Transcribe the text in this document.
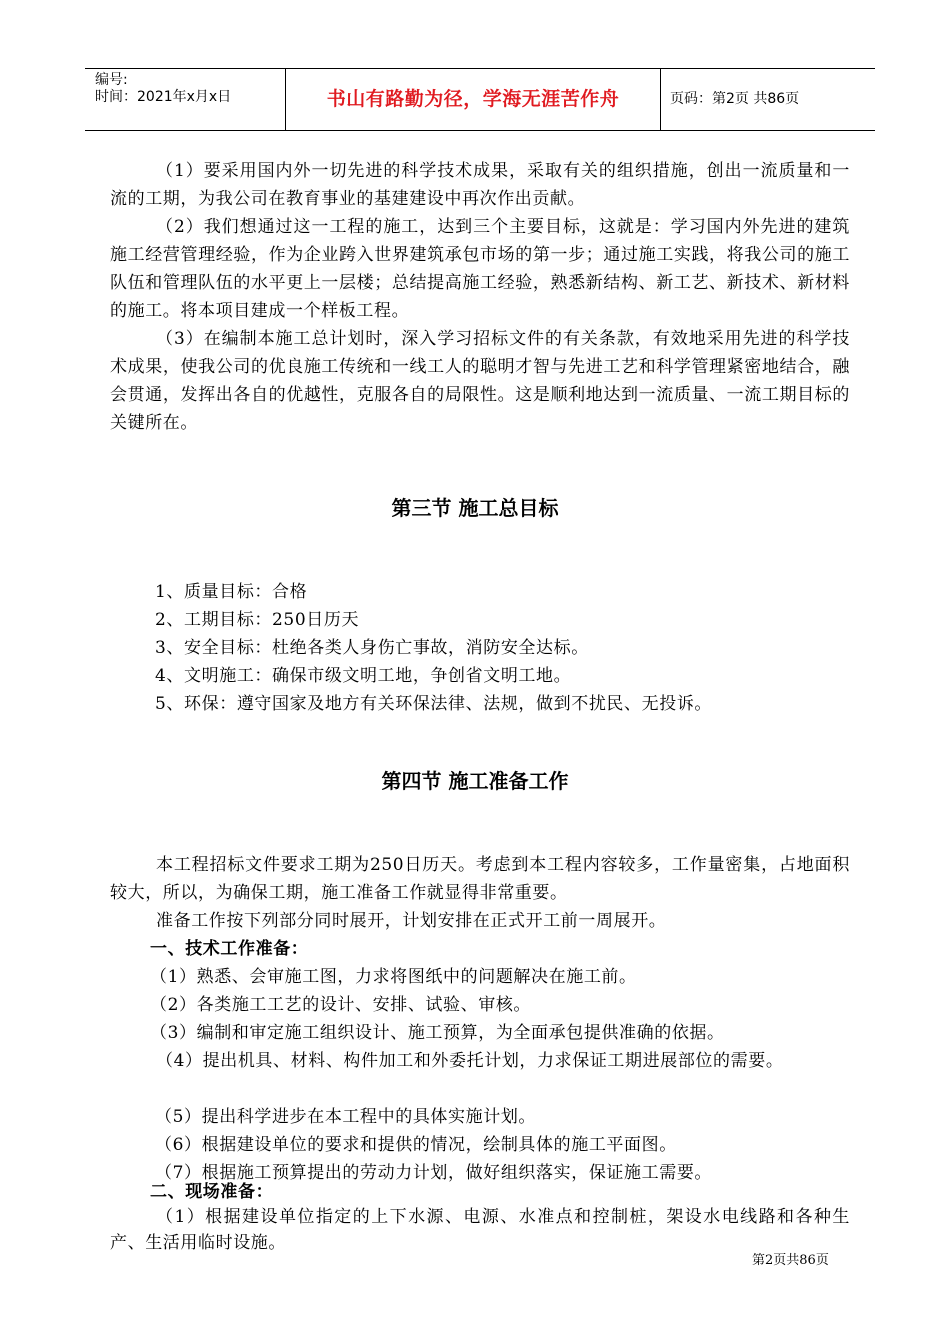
编号:
时间：2021年x月x日	书山有路勤为径，学海无涯苦作舟	页码：第2页 共86页

（1）要采用国内外一切先进的科学技术成果，采取有关的组织措施，创出一流质量和一流的工期，为我公司在教育事业的基建建设中再次作出贡献。

（2）我们想通过这一工程的施工，达到三个主要目标，这就是：学习国内外先进的建筑施工经营管理经验，作为企业跨入世界建筑承包市场的第一步；通过施工实践，将我公司的施工队伍和管理队伍的水平更上一层楼；总结提高施工经验，熟悉新结构、新工艺、新技术、新材料的施工。将本项目建成一个样板工程。

（3）在编制本施工总计划时，深入学习招标文件的有关条款，有效地采用先进的科学技术成果，使我公司的优良施工传统和一线工人的聪明才智与先进工艺和科学管理紧密地结合，融会贯通，发挥出各自的优越性，克服各自的局限性。这是顺利地达到一流质量、一流工期目标的关键所在。

第三节 施工总目标
1、质量目标：合格
2、工期目标：250日历天
3、安全目标：杜绝各类人身伤亡事故，消防安全达标。
4、文明施工：确保市级文明工地，争创省文明工地。
5、环保：遵守国家及地方有关环保法律、法规，做到不扰民、无投诉。
第四节 施工准备工作

本工程招标文件要求工期为250日历天。考虑到本工程内容较多，工作量密集，占地面积较大，所以，为确保工期，施工准备工作就显得非常重要。

准备工作按下列部分同时展开，计划安排在正式开工前一周展开。

一、技术工作准备：

（1）熟悉、会审施工图，力求将图纸中的问题解决在施工前。

（2）各类施工工艺的设计、安排、试验、审核。

（3）编制和审定施工组织设计、施工预算，为全面承包提供准确的依据。

（4）提出机具、材料、构件加工和外委托计划，力求保证工期进展部位的需要。

（5）提出科学进步在本工程中的具体实施计划。

（6）根据建设单位的要求和提供的情况，绘制具体的施工平面图。

（7）根据施工预算提出的劳动力计划，做好组织落实，保证施工需要。

二、现场准备：

（1）根据建设单位指定的上下水源、电源、水准点和控制桩，架设水电线路和各种生产、生活用临时设施。

第2页共86页
